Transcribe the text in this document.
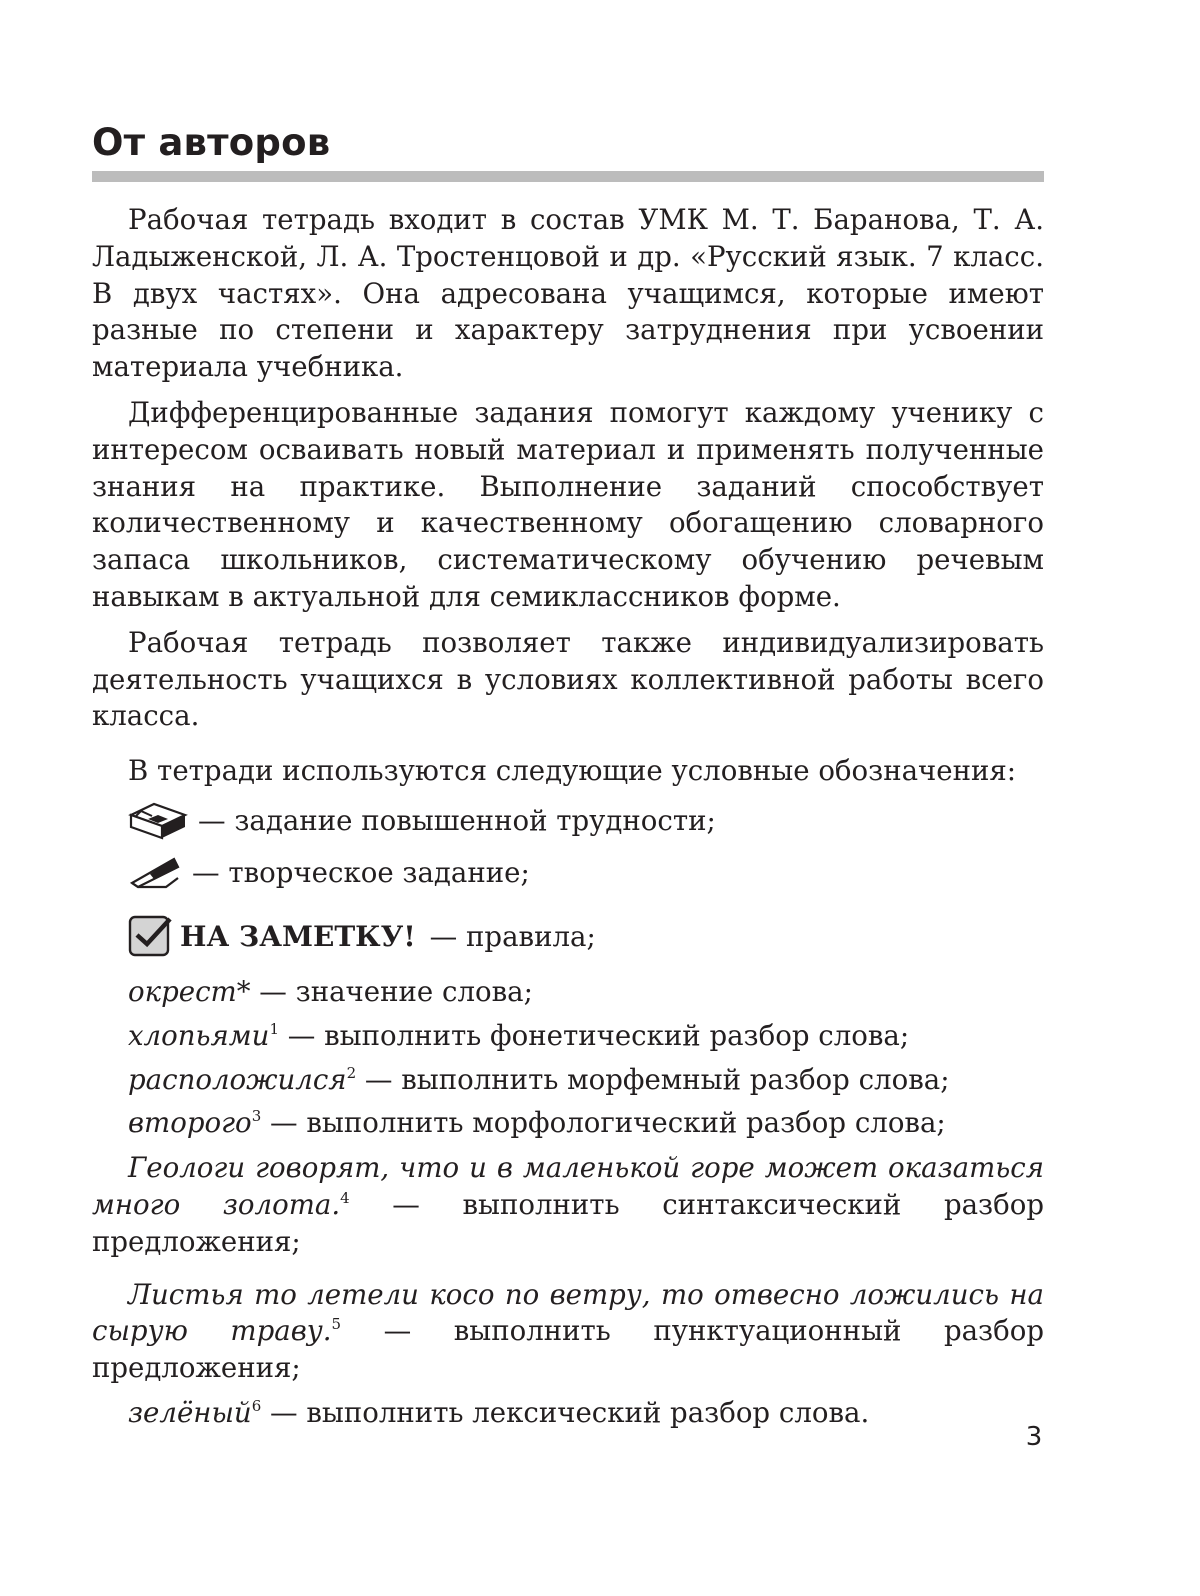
От авторов

Рабочая тетрадь входит в состав УМК М. Т. Баранова, Т. А. Ладыженской, Л. А. Тростенцовой и др. «Русский язык. 7 класс. В двух частях». Она адресована учащимся, которые имеют разные по степени и характеру затруднения при усвоении материала учебника.

Дифференцированные задания помогут каждому ученику с интересом осваивать новый материал и применять полученные знания на практике. Выполнение заданий способствует количественному и качественному обогащению словарного запаса школьников, систематическому обучению речевым навыкам в актуальной для семиклассников форме.

Рабочая тетрадь позволяет также индивидуализировать деятельность учащихся в условиях коллективной работы всего класса.

В тетради используются следующие условные обозначения:

— задание повышенной трудности;
— творческое задание;
НА ЗАМЕТКУ! — правила;

окрест* — значение слова;

хлопьями$^1$ — выполнить фонетический разбор слова;

расположился$^2$ — выполнить морфемный разбор слова;

второго$^3$ — выполнить морфологический разбор слова;

Геологи говорят, что и в маленькой горе может оказаться много золота.$^4$ — выполнить синтаксический разбор предложения;

Листья то летели косо по ветру, то отвесно ложились на сырую траву.$^5$ — выполнить пунктуационный разбор предложения;

зелёный$^6$ — выполнить лексический разбор слова.

3
